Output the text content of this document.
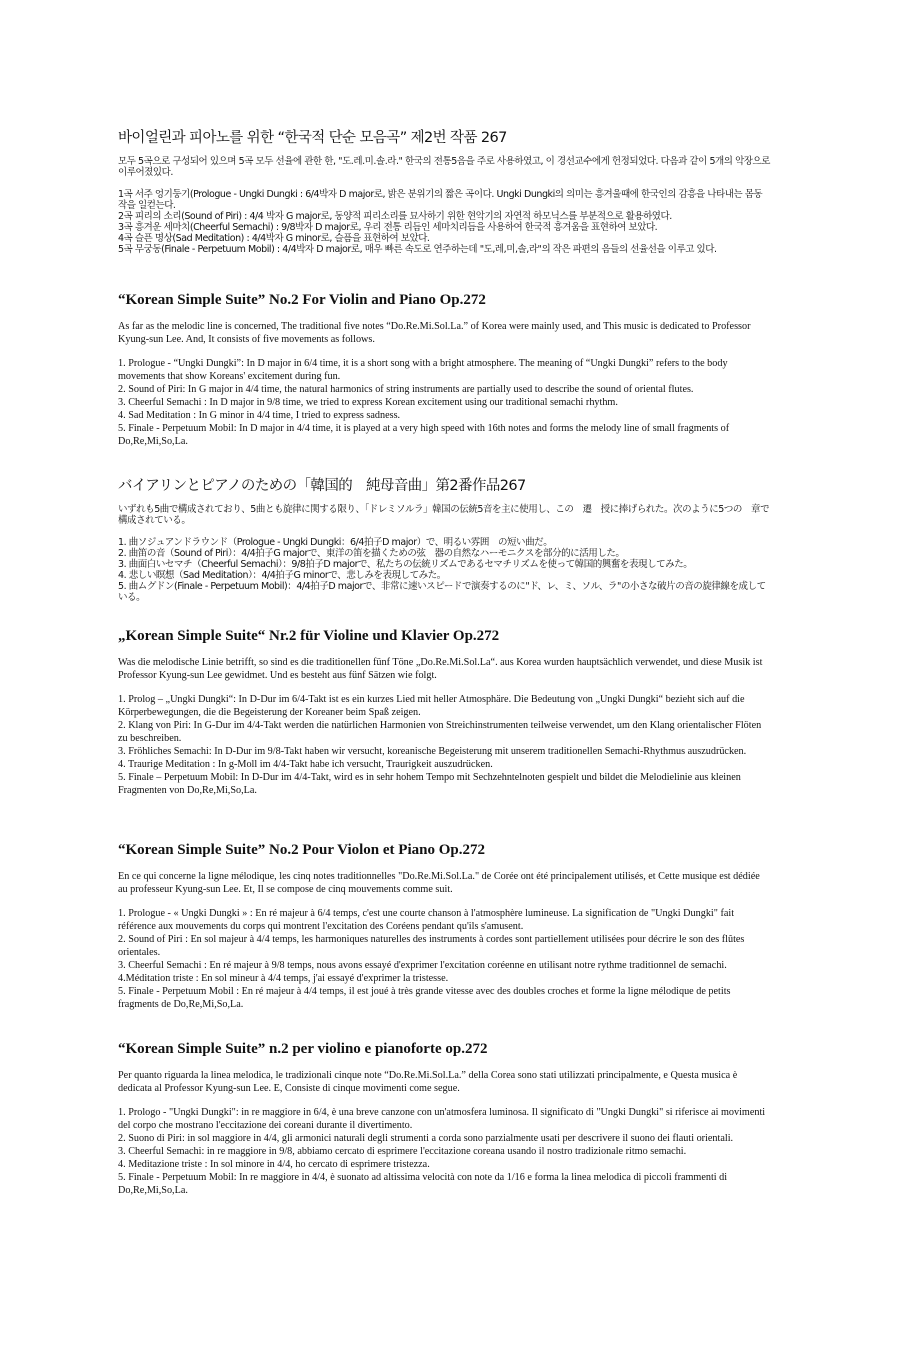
바이얼린과 피아노를 위한 “한국적 단순 모음곡” 제2번 작품 267

모두 5곡으로 구성되어 있으며 5곡 모두 선율에 관한 한, "도.레.미.솔.라." 한국의 전통5음을 주로 사용하였고, 이 경선교수에게 헌정되었다. 다음과 같이 5개의 악장으로 이루어졌있다.

1곡 서주 엉기둥기(Prologue - Ungki Dungki : 6/4박자 D major로, 밝은 분위기의 짧은 곡이다. Ungki Dungki의 의미는 흥겨울때에 한국인의 감흥을 나타내는 몸동작을 일컫는다.

2곡 피리의 소리(Sound of Piri) : 4/4 박자 G major로, 동양적 피리소리를 묘사하기 위한 현악기의 자연적 하모닉스를 부분적으로 활용하였다.

3곡 흥겨운 세마치(Cheerful Semachi) : 9/8박자 D major로, 우리 전통 리듬인 세마치리듬을 사용하여 한국적 흥겨움을 표현하여 보았다.

4곡 슬픈 명상(Sad Meditation) : 4/4박자 G minor로, 슬픔을 표현하여 보았다.

5곡 무궁동(Finale - Perpetuum Mobil) : 4/4박자 D major로, 매우 빠른 속도로 연주하는데 "도,레,미,솔,라"의 작은 파편의 음들의 선율선을 이루고 있다.

“Korean Simple Suite” No.2 For Violin and Piano Op.272

As far as the melodic line is concerned, The traditional five notes “Do.Re.Mi.Sol.La.” of Korea were mainly used, and This music is dedicated to Professor Kyung-sun Lee. And, It consists of five movements as follows.

1. Prologue - “Ungki Dungki”: In D major in 6/4 time, it is a short song with a bright atmosphere. The meaning of “Ungki Dungki” refers to the body movements that show Koreans' excitement during fun.

2. Sound of Piri: In G major in 4/4 time, the natural harmonics of string instruments are partially used to describe the sound of oriental flutes.

3. Cheerful Semachi : In D major in 9/8 time, we tried to express Korean excitement using our traditional semachi rhythm.

4. Sad Meditation : In G minor in 4/4 time, I tried to express sadness.

5. Finale - Perpetuum Mobil: In D major in 4/4 time, it is played at a very high speed with 16th notes and forms the melody line of small fragments of Do,Re,Mi,So,La.

バイアリンとピアノのための「韓国的　純母音曲」第2番作品267

いずれも5曲で構成されており、5曲とも旋律に関する限り、「ドレミソルラ」韓国の伝統5音を主に使用し、この　遷　授に捧げられた。次のように5つの　章で構成されている。

1. 曲ソジュアンドラウンド（Prologue - Ungki Dungki：6/4拍子D major）で、明るい雰囲　の短い曲だ。

2. 曲笛の音（Sound of Piri）：4/4拍子G majorで、東洋の笛を描くための弦　器の自然なハーモニクスを部分的に活用した。

3. 曲面白いセマチ（Cheerful Semachi）：9/8拍子D majorで、私たちの伝統リズムであるセマチリズムを使って韓国的興奮を表現してみた。

4. 悲しい瞑想（Sad Meditation）：4/4拍子G minorで、悲しみを表現してみた。

5. 曲ムグドン(Finale - Perpetuum Mobil)：4/4拍子D majorで、非常に速いスピードで演奏するのに"ド、レ、ミ、ソル、ラ"の小さな破片の音の旋律線を成している。

„Korean Simple Suite“ Nr.2 für Violine und Klavier Op.272

Was die melodische Linie betrifft, so sind es die traditionellen fünf Töne „Do.Re.Mi.Sol.La“. aus Korea wurden hauptsächlich verwendet, und diese Musik ist Professor Kyung-sun Lee gewidmet. Und es besteht aus fünf Sätzen wie folgt.

1. Prolog – „Ungki Dungki“: In D-Dur im 6/4-Takt ist es ein kurzes Lied mit heller Atmosphäre. Die Bedeutung von „Ungki Dungki“ bezieht sich auf die Körperbewegungen, die die Begeisterung der Koreaner beim Spaß zeigen.

2. Klang von Piri: In G-Dur im 4/4-Takt werden die natürlichen Harmonien von Streichinstrumenten teilweise verwendet, um den Klang orientalischer Flöten zu beschreiben.

3. Fröhliches Semachi: In D-Dur im 9/8-Takt haben wir versucht, koreanische Begeisterung mit unserem traditionellen Semachi-Rhythmus auszudrücken.

4. Traurige Meditation : In g-Moll im 4/4-Takt habe ich versucht, Traurigkeit auszudrücken.

5. Finale – Perpetuum Mobil: In D-Dur im 4/4-Takt, wird es in sehr hohem Tempo mit Sechzehntelnoten gespielt und bildet die Melodielinie aus kleinen Fragmenten von Do,Re,Mi,So,La.

“Korean Simple Suite” No.2 Pour Violon et Piano Op.272

En ce qui concerne la ligne mélodique, les cinq notes traditionnelles "Do.Re.Mi.Sol.La." de Corée ont été principalement utilisés, et Cette musique est dédiée au professeur Kyung-sun Lee. Et, Il se compose de cinq mouvements comme suit.

1. Prologue - « Ungki Dungki » : En ré majeur à 6/4 temps, c'est une courte chanson à l'atmosphère lumineuse. La signification de "Ungki Dungki" fait référence aux mouvements du corps qui montrent l'excitation des Coréens pendant qu'ils s'amusent.

2. Sound of Piri : En sol majeur à 4/4 temps, les harmoniques naturelles des instruments à cordes sont partiellement utilisées pour décrire le son des flûtes orientales.

3. Cheerful Semachi : En ré majeur à 9/8 temps, nous avons essayé d'exprimer l'excitation coréenne en utilisant notre rythme traditionnel de semachi.

4.Méditation triste : En sol mineur à 4/4 temps, j'ai essayé d'exprimer la tristesse.

5. Finale - Perpetuum Mobil : En ré majeur à 4/4 temps, il est joué à très grande vitesse avec des doubles croches et forme la ligne mélodique de petits fragments de Do,Re,Mi,So,La.

“Korean Simple Suite” n.2 per violino e pianoforte op.272

Per quanto riguarda la linea melodica, le tradizionali cinque note “Do.Re.Mi.Sol.La.” della Corea sono stati utilizzati principalmente, e Questa musica è dedicata al Professor Kyung-sun Lee. E, Consiste di cinque movimenti come segue.

1. Prologo - "Ungki Dungki": in re maggiore in 6/4, è una breve canzone con un'atmosfera luminosa. Il significato di "Ungki Dungki" si riferisce ai movimenti del corpo che mostrano l'eccitazione dei coreani durante il divertimento.

2. Suono di Piri: in sol maggiore in 4/4, gli armonici naturali degli strumenti a corda sono parzialmente usati per descrivere il suono dei flauti orientali.

3. Cheerful Semachi: in re maggiore in 9/8, abbiamo cercato di esprimere l'eccitazione coreana usando il nostro tradizionale ritmo semachi.

4. Meditazione triste : In sol minore in 4/4, ho cercato di esprimere tristezza.

5. Finale - Perpetuum Mobil: In re maggiore in 4/4, è suonato ad altissima velocità con note da 1/16 e forma la linea melodica di piccoli frammenti di Do,Re,Mi,So,La.
